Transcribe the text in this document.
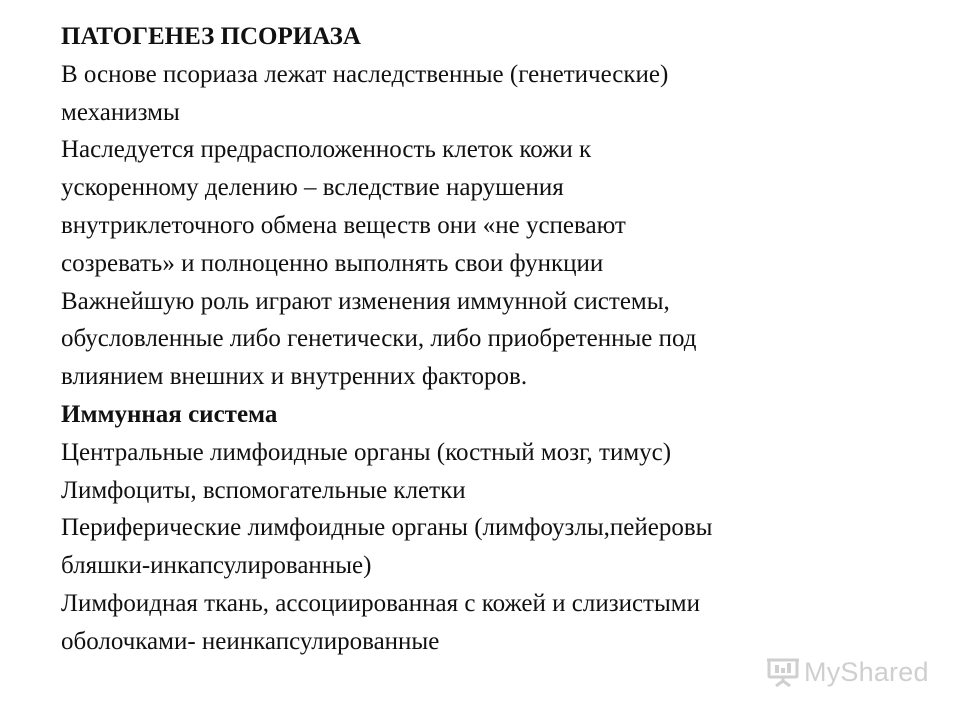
ПАТОГЕНЕЗ ПСОРИАЗА
В основе псориаза лежат наследственные (генетические)
механизмы
Наследуется предрасположенность клеток кожи к
ускоренному делению – вследствие нарушения
внутриклеточного обмена веществ они «не успевают
созревать» и полноценно выполнять свои функции
Важнейшую роль играют изменения иммунной системы,
обусловленные либо генетически, либо приобретенные под
влиянием внешних и внутренних факторов.
Иммунная система
Центральные лимфоидные органы (костный мозг, тимус)
Лимфоциты, вспомогательные клетки
Периферические лимфоидные органы (лимфоузлы,пейеровы
бляшки-инкапсулированные)
Лимфоидная ткань, ассоциированная с кожей и слизистыми
оболочками- неинкапсулированные
MyShared
